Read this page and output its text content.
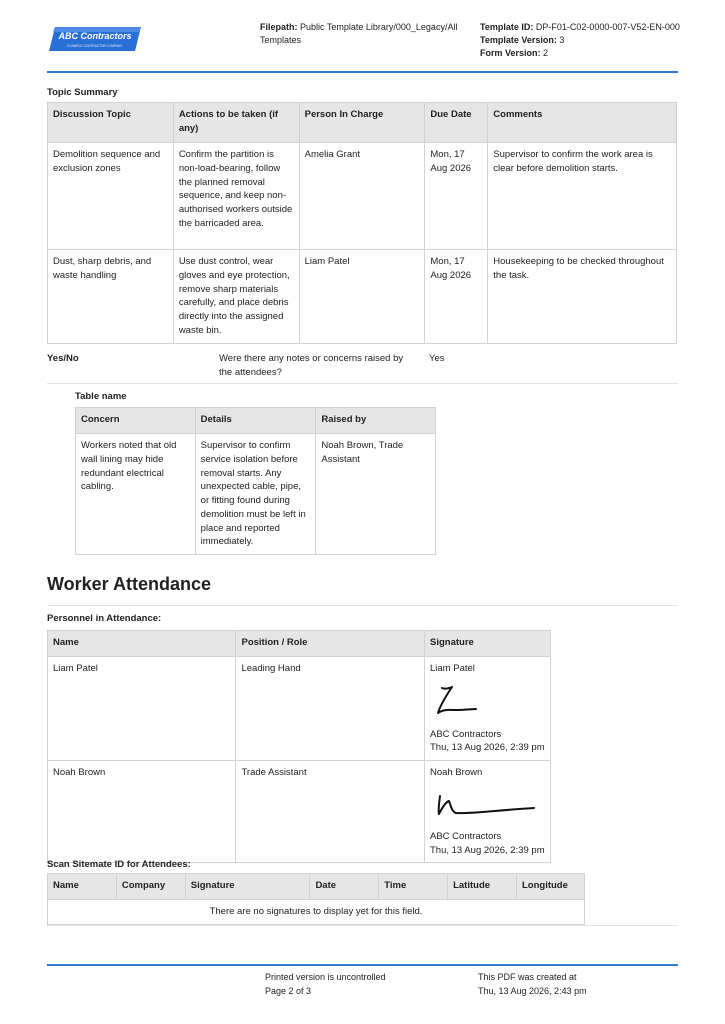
ABC Contractors
EXAMPLE CONTRACTOR COMPANY
Filepath: Public Template Library/000_Legacy/All Templates
Template ID: DP-F01-C02-0000-007-V52-EN-000
Template Version: 3
Form Version: 2
Topic Summary
Discussion Topic	Actions to be taken (if any)	Person In Charge	Due Date	Comments
Demolition sequence and exclusion zones	Confirm the partition is non-load-bearing, follow the planned removal sequence, and keep non-authorised workers outside the barricaded area.	Amelia Grant	Mon, 17 Aug 2026	Supervisor to confirm the work area is clear before demolition starts.
Dust, sharp debris, and waste handling	Use dust control, wear gloves and eye protection, remove sharp materials carefully, and place debris directly into the assigned waste bin.	Liam Patel	Mon, 17 Aug 2026	Housekeeping to be checked throughout the task.
Yes/No	Were there any notes or concerns raised by the attendees?
Yes
Table name
Concern	Details	Raised by
Workers noted that old wall lining may hide redundant electrical cabling.	Supervisor to confirm service isolation before removal starts. Any unexpected cable, pipe, or fitting found during demolition must be left in place and reported immediately.	Noah Brown, Trade Assistant
Worker Attendance
Personnel in Attendance:
Name	Position / Role	Signature
Liam Patel	Leading Hand	Liam Patel
ABC Contractors
Thu, 13 Aug 2026, 2:39 pm

Noah Brown	Trade Assistant	Noah Brown
ABC Contractors
Thu, 13 Aug 2026, 2:39 pm
Scan Sitemate ID for Attendees:
Name	Company	Signature	Date	Time	Latitude	Longitude
There are no signatures to display yet for this field.
Printed version is uncontrolled
Page 2 of 3
This PDF was created at
Thu, 13 Aug 2026, 2:43 pm
